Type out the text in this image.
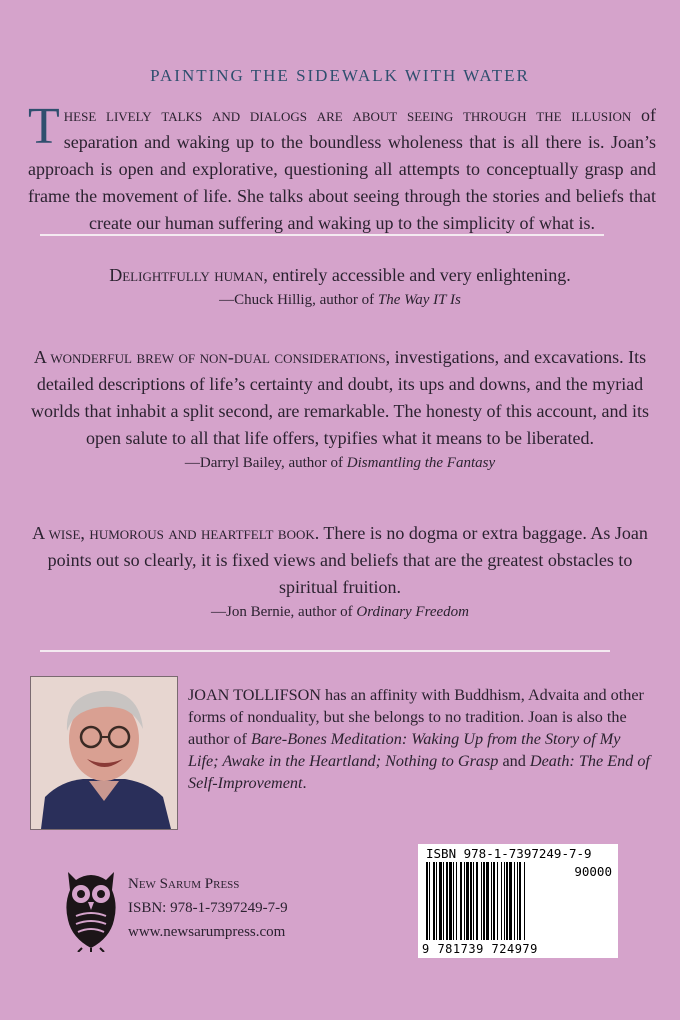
PAINTING THE SIDEWALK WITH WATER
These lively talks and dialogs are about seeing through the illusion of separation and waking up to the boundless wholeness that is all there is. Joan’s approach is open and explorative, questioning all attempts to conceptually grasp and frame the movement of life. She talks about seeing through the stories and beliefs that create our human suffering and waking up to the simplicity of what is.
Delightfully human, entirely accessible and very enlightening.
—Chuck Hillig, author of The Way IT Is
A wonderful brew of non-dual considerations, investigations, and excavations. Its detailed descriptions of life’s certainty and doubt, its ups and downs, and the myriad worlds that inhabit a split second, are remarkable. The honesty of this account, and its open salute to all that life offers, typifies what it means to be liberated.
—Darryl Bailey, author of Dismantling the Fantasy
A wise, humorous and heartfelt book. There is no dogma or extra baggage. As Joan points out so clearly, it is fixed views and beliefs that are the greatest obstacles to spiritual fruition.
—Jon Bernie, author of Ordinary Freedom
JOAN TOLLIFSON has an affinity with Buddhism, Advaita and other forms of nonduality, but she belongs to no tradition. Joan is also the author of Bare-Bones Meditation: Waking Up from the Story of My Life; Awake in the Heartland; Nothing to Grasp and Death: The End of Self-Improvement.
New Sarum Press
ISBN: 978-1-7397249-7-9
www.newsarumpress.com
ISBN 978-1-7397249-7-9
90000
9 781739 724979
